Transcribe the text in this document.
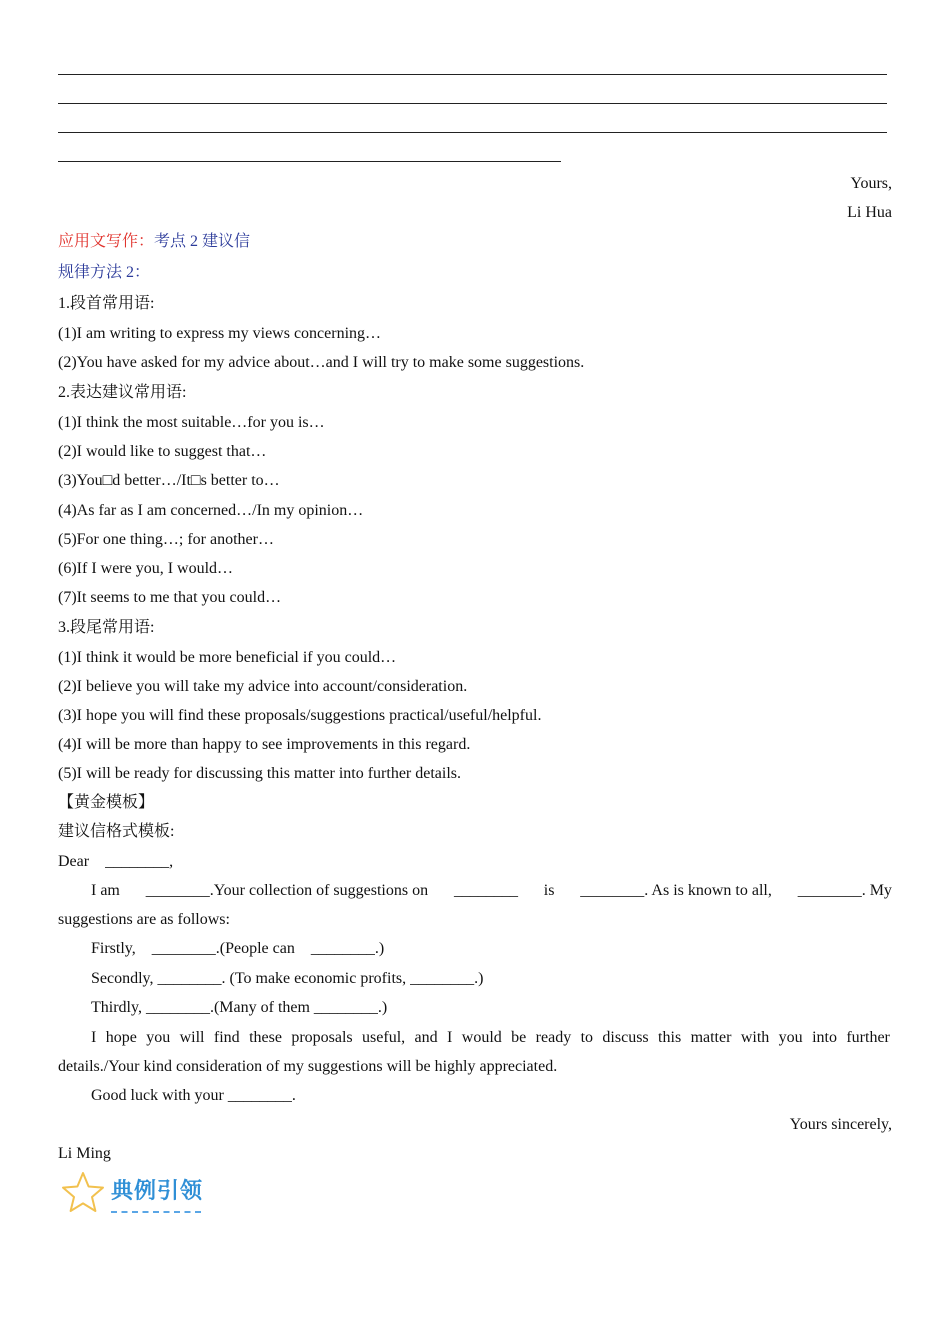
Yours,
Li Hua
应用文写作：考点 2 建议信
规律方法 2：
1.段首常用语:
(1)I am writing to express my views concerning…
(2)You have asked for my advice about…and I will try to make some suggestions.
2.表达建议常用语:
(1)I think the most suitable…for you is…
(2)I would like to suggest that…
(3)You□d better…/It□s better to…
(4)As far as I am concerned…/In my opinion…
(5)For one thing…; for another…
(6)If I were you, I would…
(7)It seems to me that you could…
3.段尾常用语:
(1)I think it would be more beneficial if you could…
(2)I believe you will take my advice into account/consideration.
(3)I hope you will find these proposals/suggestions practical/useful/helpful.
(4)I will be more than happy to see improvements in this regard.
(5)I will be ready for discussing this matter into further details.
【黄金模板】
建议信格式模板:
Dear    ________,
I am ________.Your collection of suggestions on ________ is ________. As is known to all, ________. My
suggestions are as follows:
Firstly,    ________.(People can    ________.)
Secondly, ________. (To make economic profits, ________.)
Thirdly, ________.(Many of them ________.)
I hope you will find these proposals useful, and I would be ready to discuss this matter with you into further
details./Your kind consideration of my suggestions will be highly appreciated.
Good luck with your ________.
Yours sincerely,
Li Ming
典例引领
